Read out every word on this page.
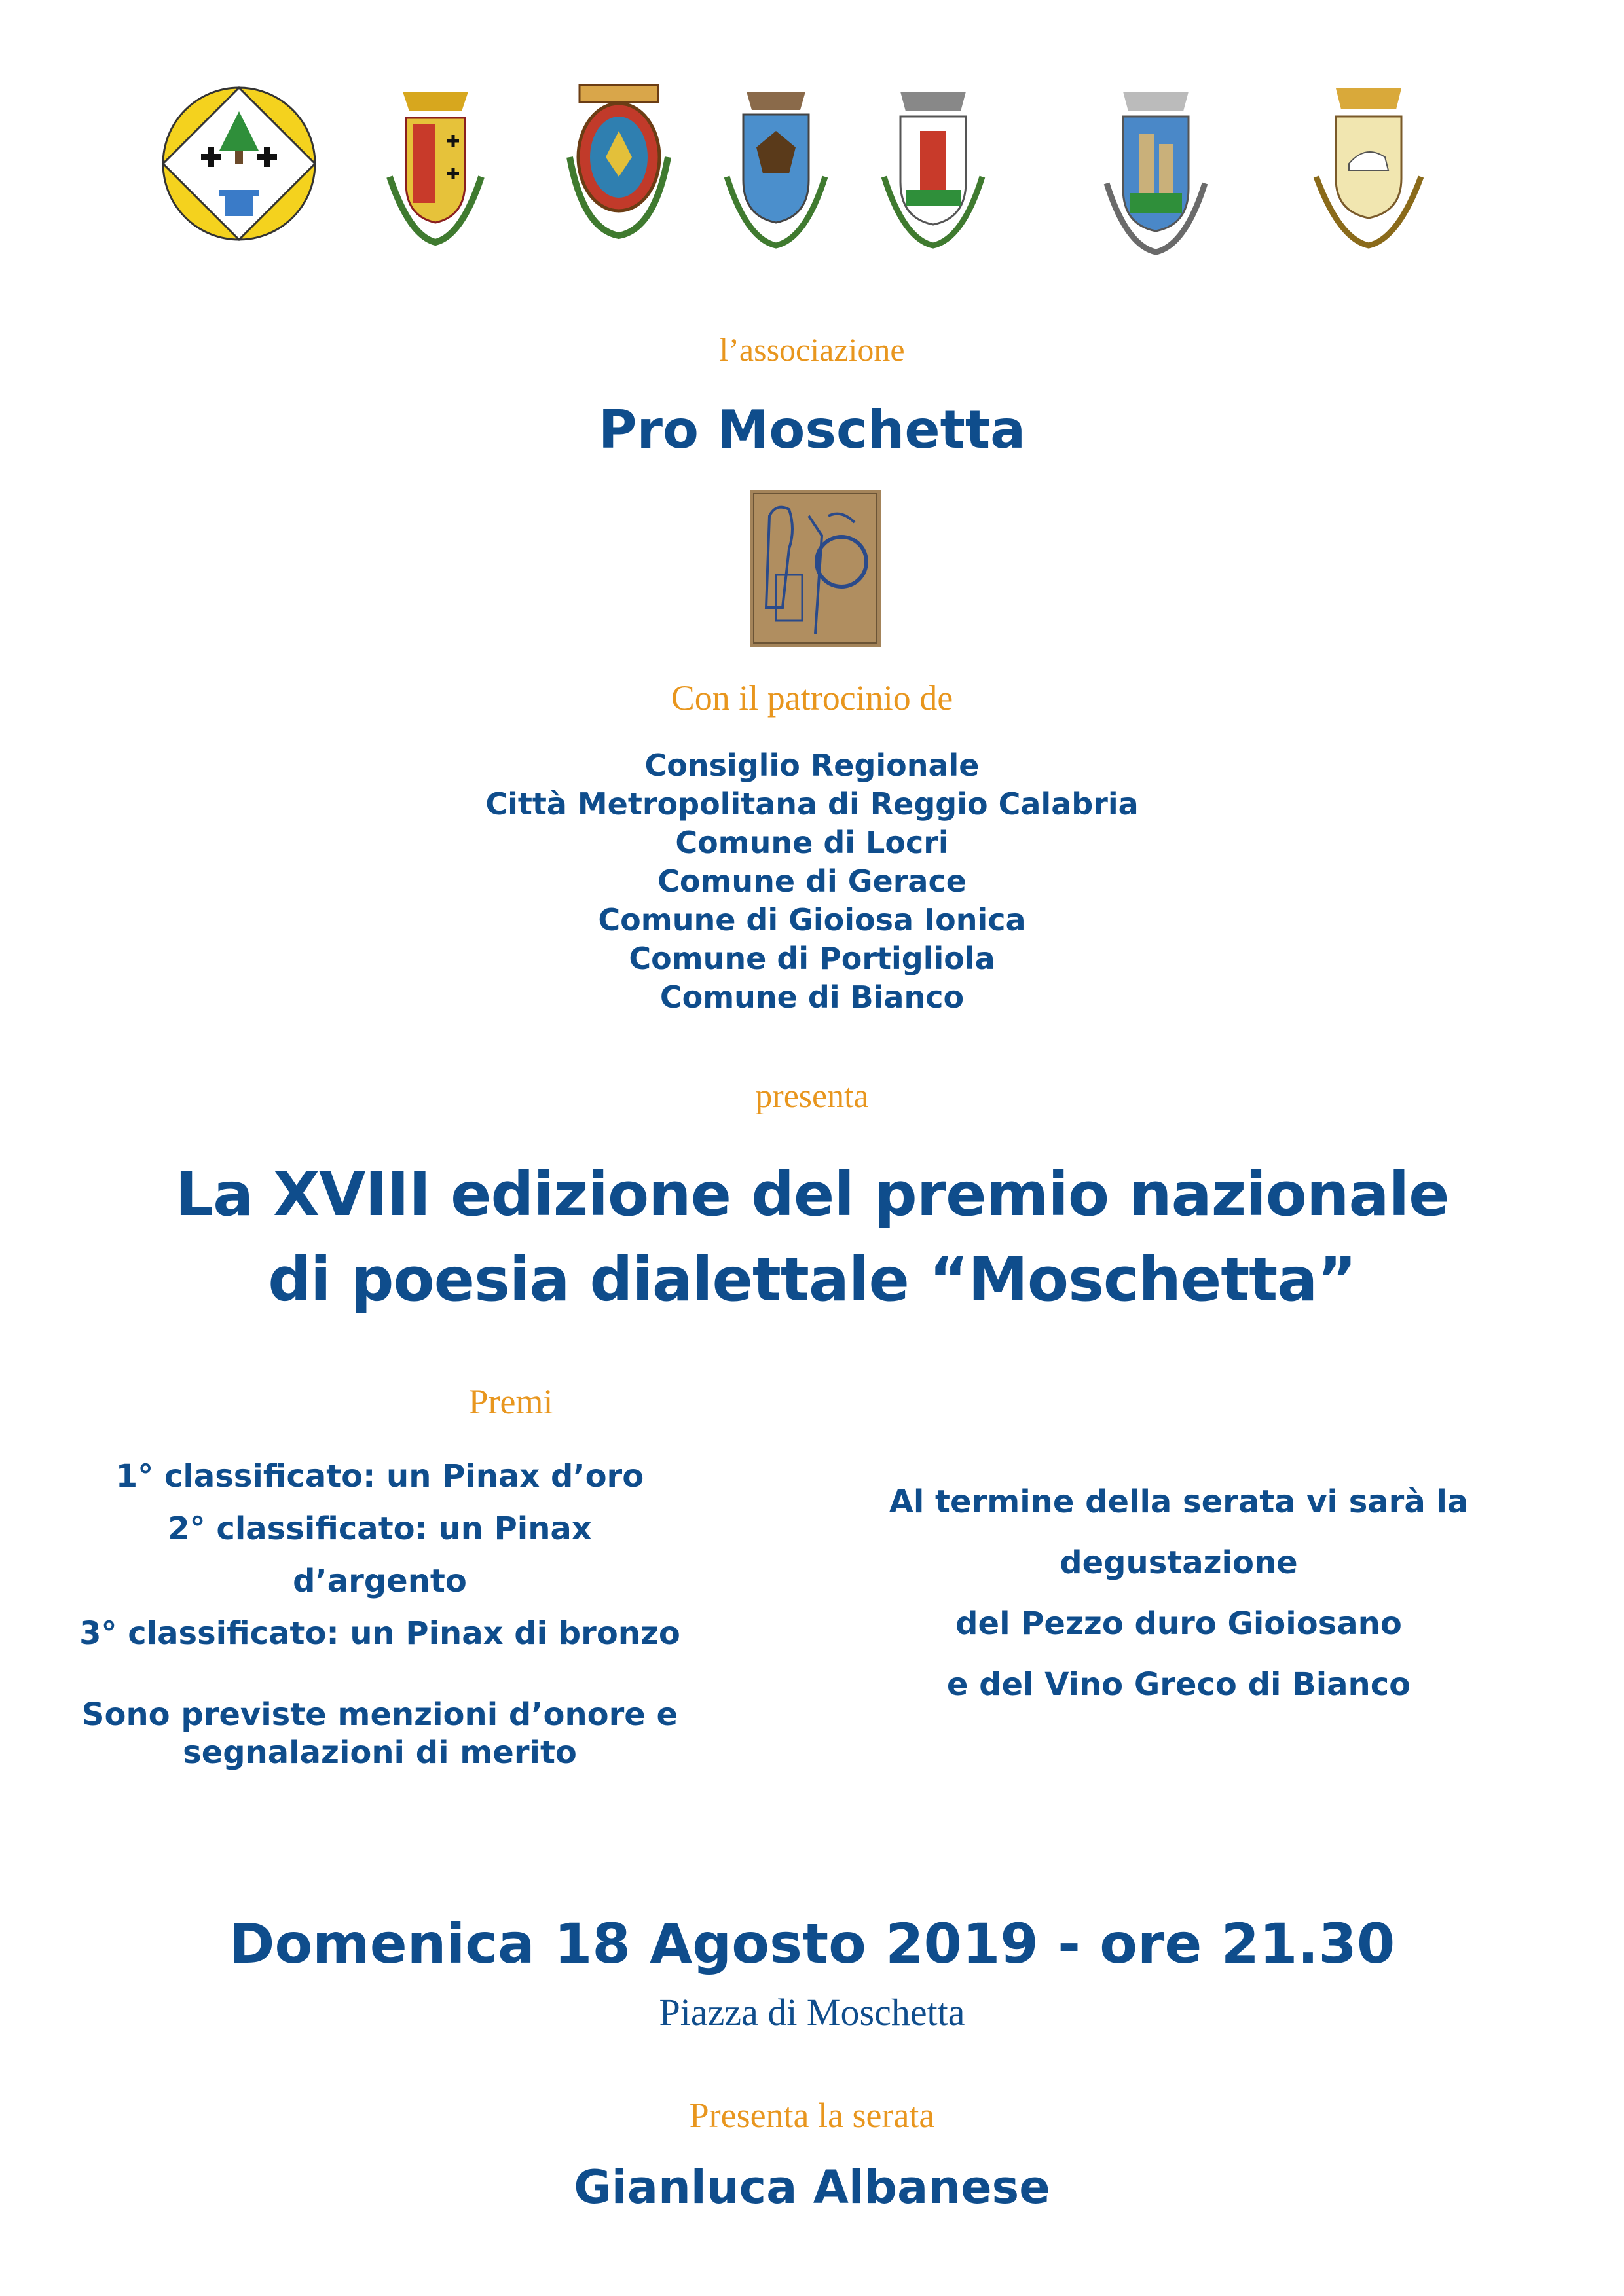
l’associazione
Pro Moschetta
Con il patrocinio de
Consiglio Regionale
Città Metropolitana di Reggio Calabria
Comune di Locri
Comune di Gerace
Comune di Gioiosa Ionica
Comune di Portigliola
Comune di Bianco
presenta
La XVIII edizione del premio nazionale
di poesia dialettale “Moschetta”
Premi
1° classificato: un Pinax d’oro
2° classificato: un Pinax d’argento
3° classificato: un Pinax di bronzo
Sono previste menzioni d’onore e
segnalazioni di merito
Al termine della serata vi sarà la
degustazione
del Pezzo duro Gioiosano
e del Vino Greco di Bianco
Domenica 18 Agosto 2019 - ore 21.30
Piazza di Moschetta
Presenta la serata
Gianluca Albanese
